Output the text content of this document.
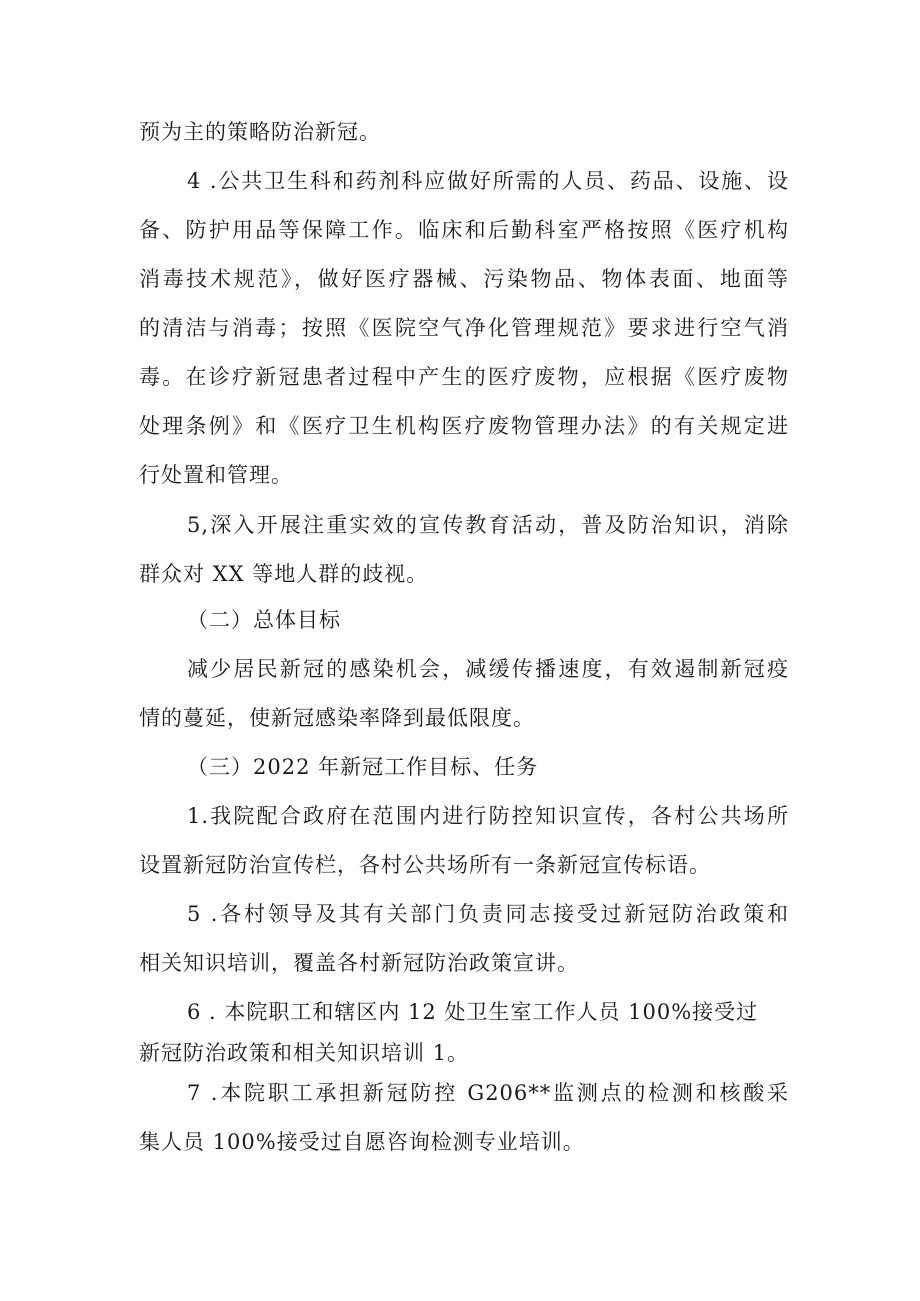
预为主的策略防治新冠。
4 .公共卫生科和药剂科应做好所需的人员、药品、设施、设
备、防护用品等保障工作。临床和后勤科室严格按照《医疗机构
消毒技术规范》，做好医疗器械、污染物品、物体表面、地面等
的清洁与消毒；按照《医院空气净化管理规范》要求进行空气消
毒。在诊疗新冠患者过程中产生的医疗废物，应根据《医疗废物
处理条例》和《医疗卫生机构医疗废物管理办法》的有关规定进
行处置和管理。
5,深入开展注重实效的宣传教育活动，普及防治知识，消除
群众对 XX 等地人群的歧视。
（二）总体目标
减少居民新冠的感染机会，减缓传播速度，有效遏制新冠疫
情的蔓延，使新冠感染率降到最低限度。
（三）2022 年新冠工作目标、任务
1.我院配合政府在范围内进行防控知识宣传，各村公共场所
设置新冠防治宣传栏，各村公共场所有一条新冠宣传标语。
5 .各村领导及其有关部门负责同志接受过新冠防治政策和
相关知识培训，覆盖各村新冠防治政策宣讲。
6 . 本院职工和辖区内 12 处卫生室工作人员 100%接受过
新冠防治政策和相关知识培训 1。
7 .本院职工承担新冠防控 G206**监测点的检测和核酸采
集人员 100%接受过自愿咨询检测专业培训。
